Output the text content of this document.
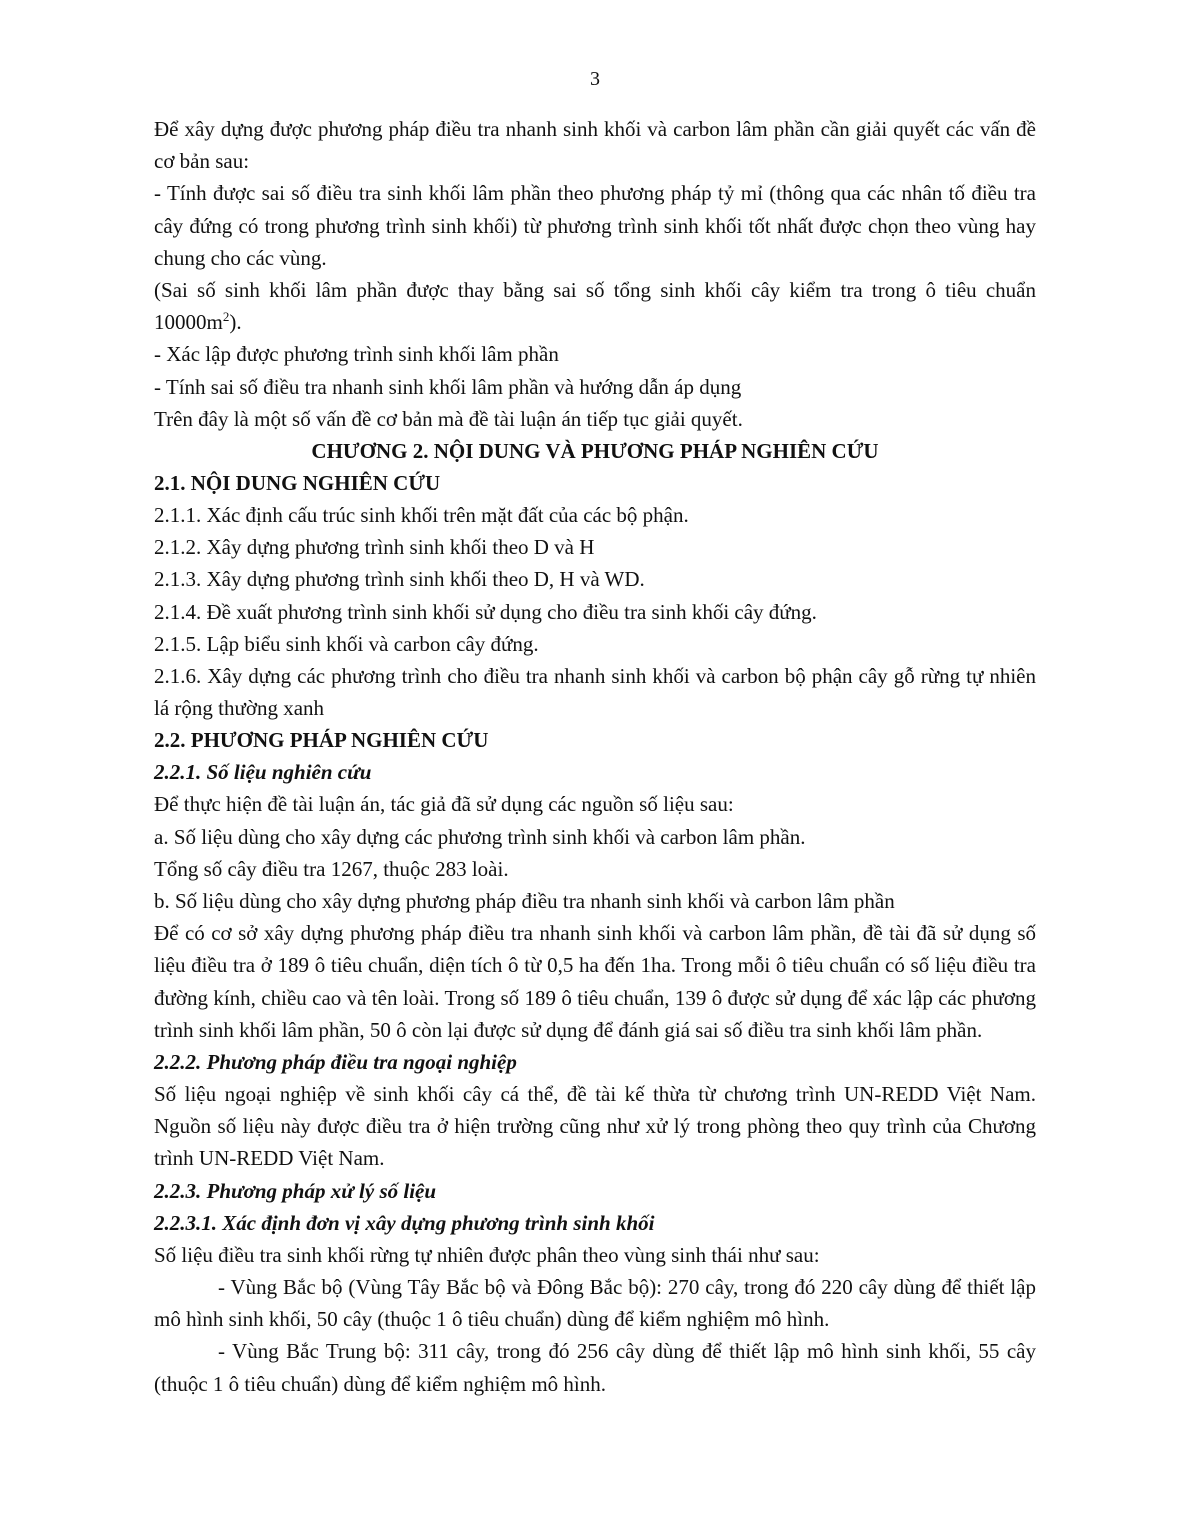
3

Để xây dựng được phương pháp điều tra nhanh sinh khối và carbon lâm phần cần giải quyết các vấn đề cơ bản sau:

- Tính được sai số điều tra sinh khối lâm phần theo phương pháp tỷ mỉ (thông qua các nhân tố điều tra cây đứng có trong phương trình sinh khối) từ phương trình sinh khối tốt nhất được chọn theo vùng hay chung cho các vùng.

(Sai số sinh khối lâm phần được thay bằng sai số tổng sinh khối cây kiểm tra trong ô tiêu chuẩn $10000m^2$).

- Xác lập được phương trình sinh khối lâm phần

- Tính sai số điều tra nhanh sinh khối lâm phần và hướng dẫn áp dụng

Trên đây là một số vấn đề cơ bản mà đề tài luận án tiếp tục giải quyết.

CHƯƠNG 2. NỘI DUNG VÀ PHƯƠNG PHÁP NGHIÊN CỨU
2.1. NỘI DUNG NGHIÊN CỨU

2.1.1. Xác định cấu trúc sinh khối trên mặt đất của các bộ phận.

2.1.2. Xây dựng phương trình sinh khối theo D và H

2.1.3. Xây dựng phương trình sinh khối theo D, H và WD.

2.1.4. Đề xuất phương trình sinh khối sử dụng cho điều tra sinh khối cây đứng.

2.1.5. Lập biểu sinh khối và carbon cây đứng.

2.1.6. Xây dựng các phương trình cho điều tra nhanh sinh khối và carbon bộ phận cây gỗ rừng tự nhiên lá rộng thường xanh

2.2. PHƯƠNG PHÁP NGHIÊN CỨU
2.2.1. Số liệu nghiên cứu

Để thực hiện đề tài luận án, tác giả đã sử dụng các nguồn số liệu sau:

a. Số liệu dùng cho xây dựng các phương trình sinh khối và carbon lâm phần.

Tổng số cây điều tra 1267, thuộc 283 loài.

b. Số liệu dùng cho xây dựng phương pháp điều tra nhanh sinh khối và carbon lâm phần

Để có cơ sở xây dựng phương pháp điều tra nhanh sinh khối và carbon lâm phần, đề tài đã sử dụng số liệu điều tra ở 189 ô tiêu chuẩn, diện tích ô từ 0,5 ha đến 1ha. Trong mỗi ô tiêu chuẩn có số liệu điều tra đường kính, chiều cao và tên loài. Trong số 189 ô tiêu chuẩn, 139 ô được sử dụng để xác lập các phương trình sinh khối lâm phần, 50 ô còn lại được sử dụng để đánh giá sai số điều tra sinh khối lâm phần.

2.2.2. Phương pháp điều tra ngoại nghiệp

Số liệu ngoại nghiệp về sinh khối cây cá thể, đề tài kế thừa từ chương trình UN-REDD Việt Nam. Nguồn số liệu này được điều tra ở hiện trường cũng như xử lý trong phòng theo quy trình của Chương trình UN-REDD Việt Nam.

2.2.3. Phương pháp xử lý số liệu
2.2.3.1. Xác định đơn vị xây dựng phương trình sinh khối

Số liệu điều tra sinh khối rừng tự nhiên được phân theo vùng sinh thái như sau:

- Vùng Bắc bộ (Vùng Tây Bắc bộ và Đông Bắc bộ): 270 cây, trong đó 220 cây dùng để thiết lập mô hình sinh khối, 50 cây (thuộc 1 ô tiêu chuẩn) dùng để kiểm nghiệm mô hình.

- Vùng Bắc Trung bộ: 311 cây, trong đó 256 cây dùng để thiết lập mô hình sinh khối, 55 cây (thuộc 1 ô tiêu chuẩn) dùng để kiểm nghiệm mô hình.
